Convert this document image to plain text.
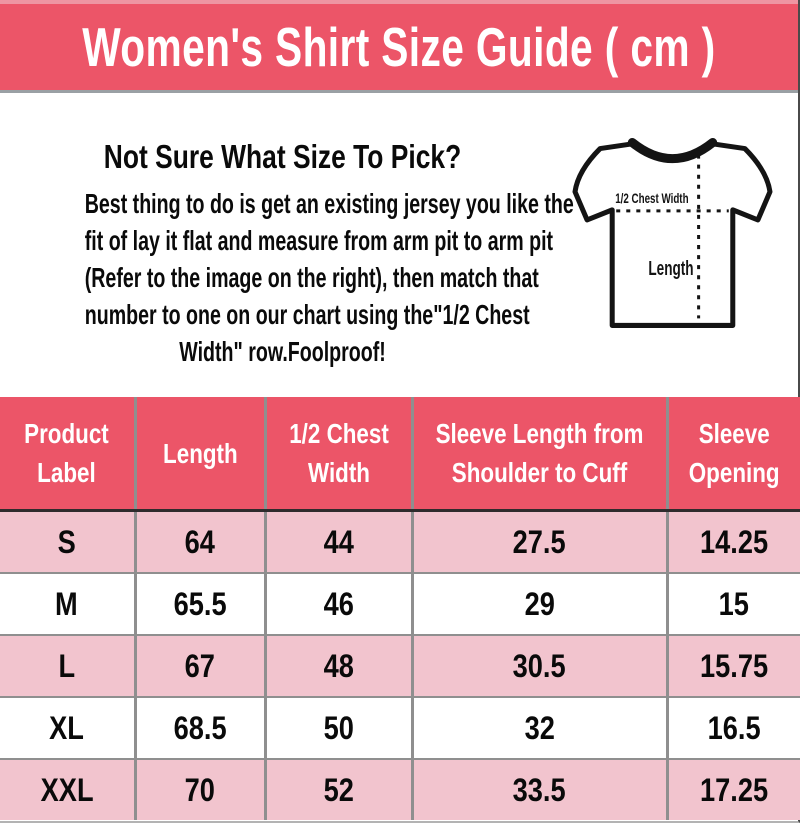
Women's Shirt Size Guide ( cm )
Not Sure What Size To Pick?
Best thing to do is get an existing jersey you like the
fit of lay it flat and measure from arm pit to arm pit
(Refer to the image on the right), then match that
number to one on our chart using the"1/2 Chest
Width" row.Foolproof!
1/2 Chest Width
Length
Product Label	Length	1/2 Chest Width	Sleeve Length from Shoulder to Cuff	Sleeve Opening
S	64	44	27.5	14.25
M	65.5	46	29	15
L	67	48	30.5	15.75
XL	68.5	50	32	16.5
XXL	70	52	33.5	17.25
